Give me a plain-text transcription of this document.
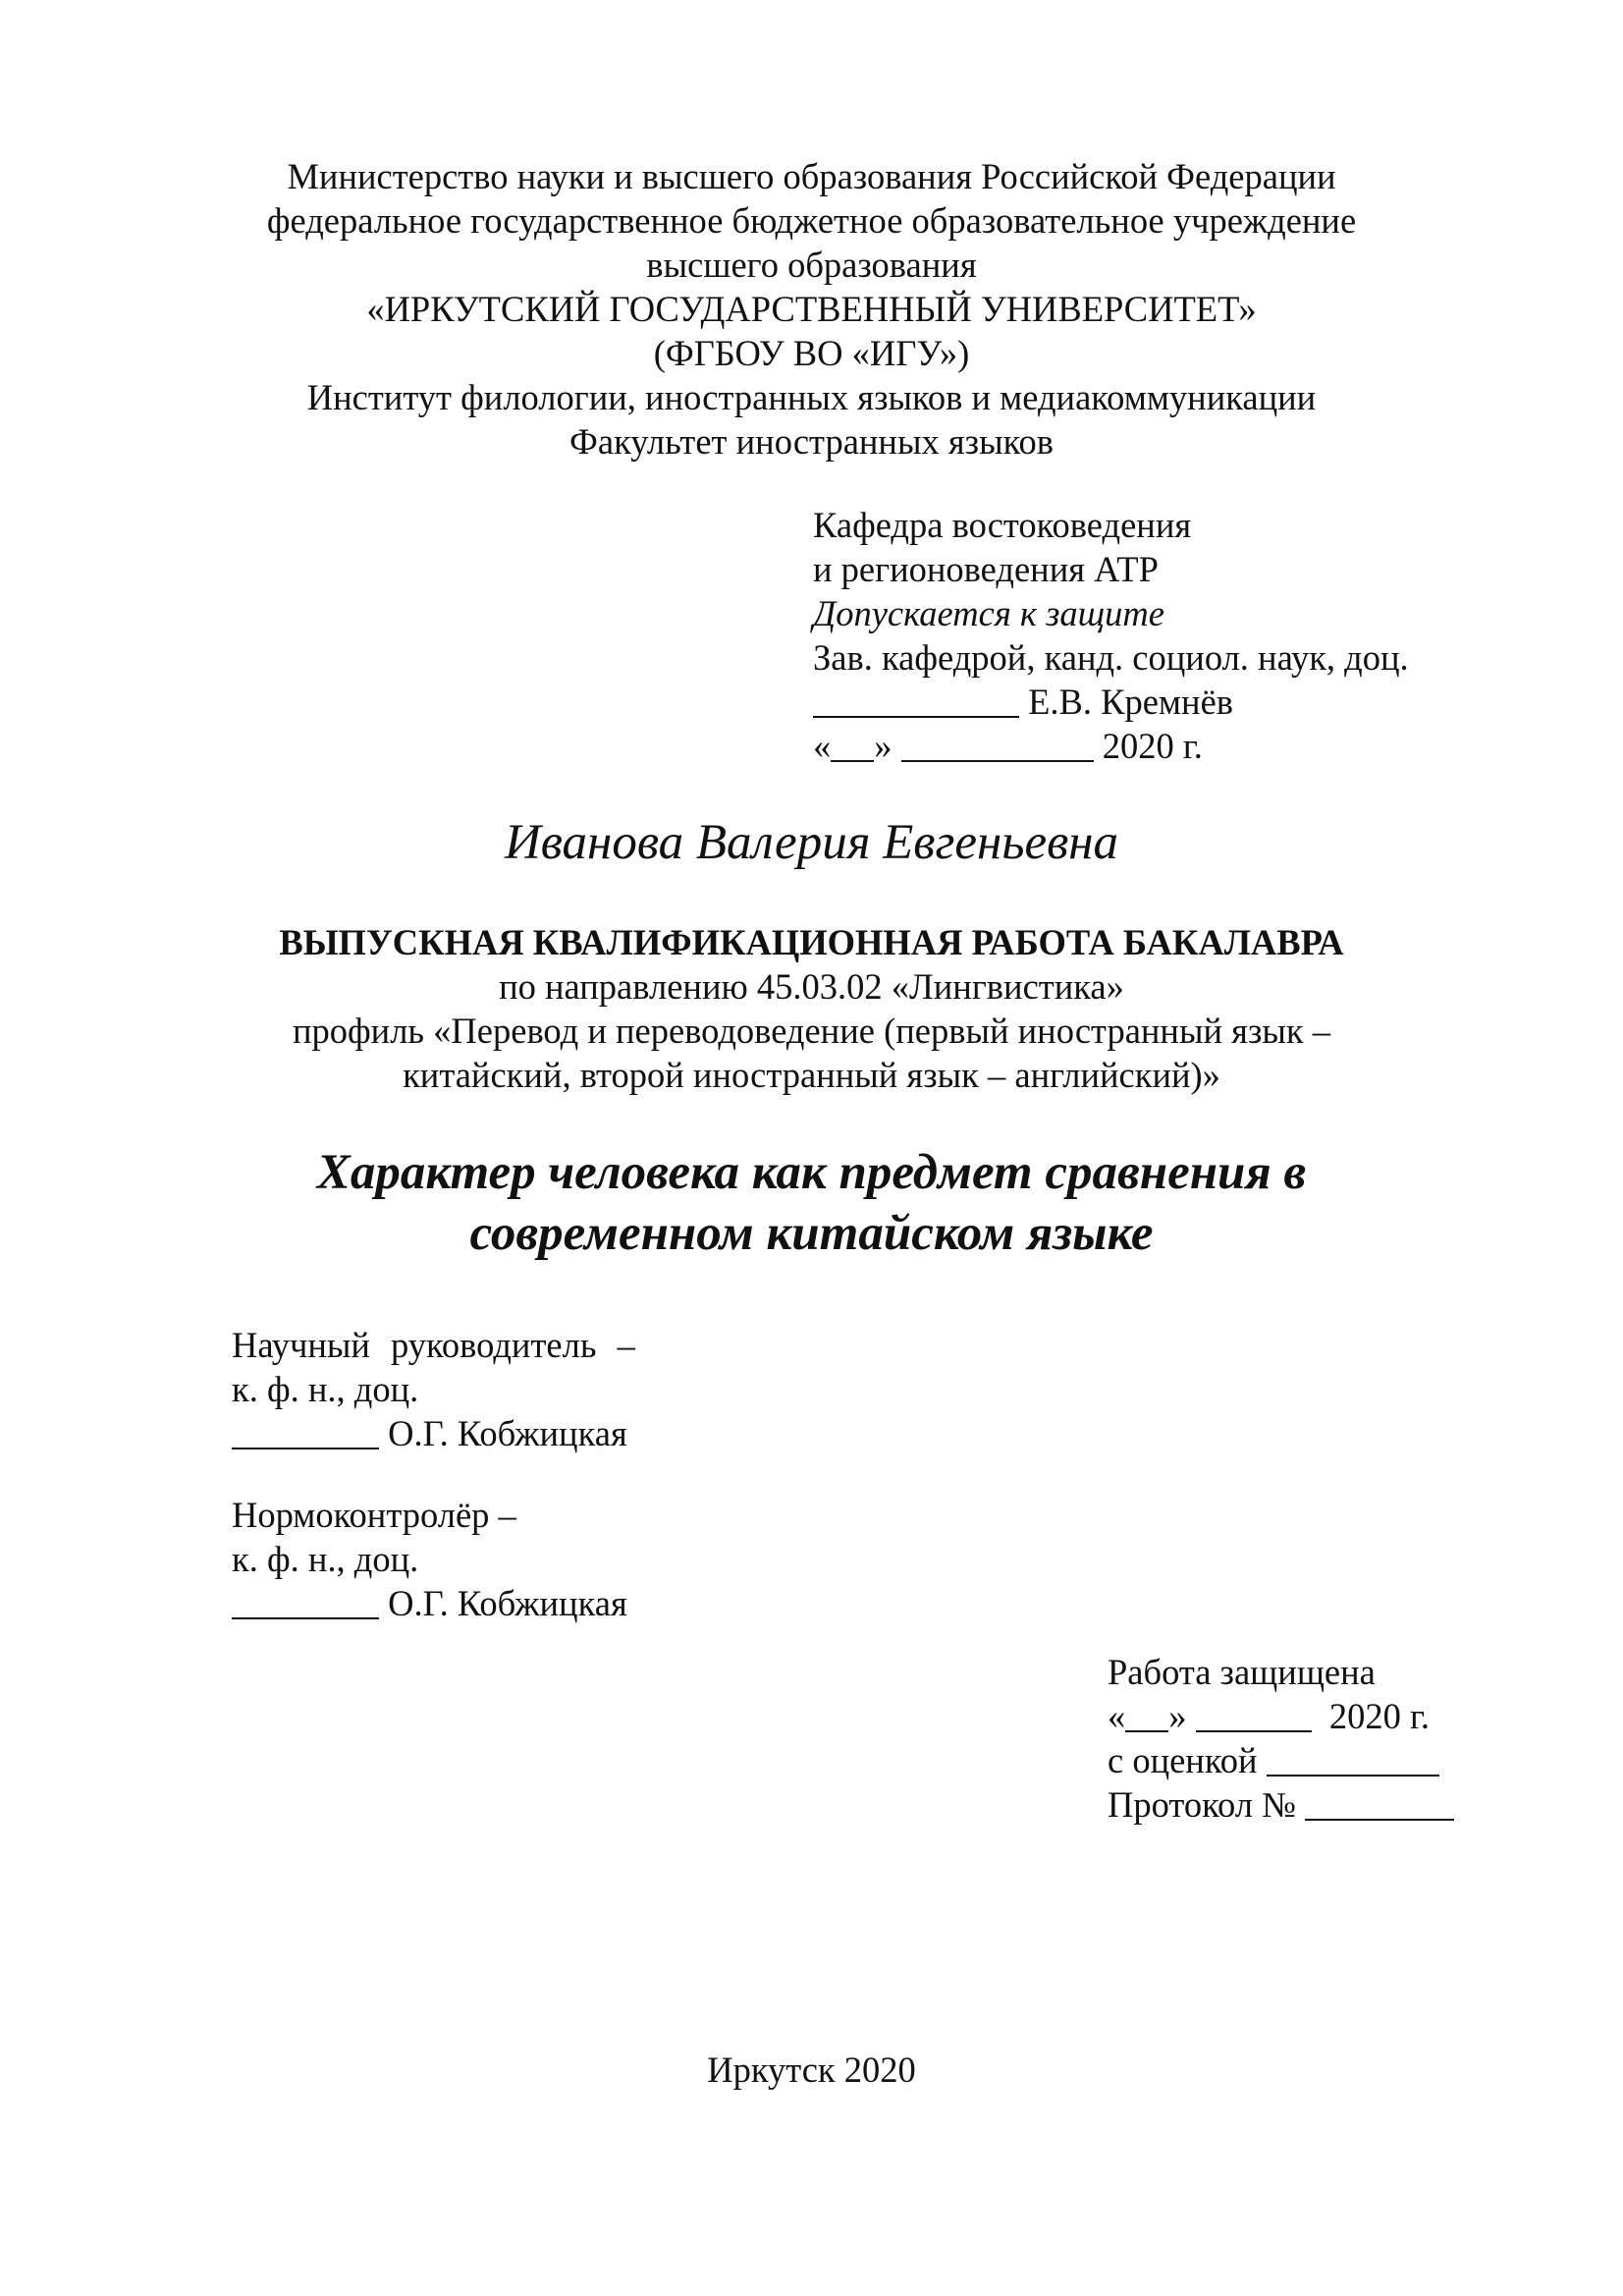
Министерство науки и высшего образования Российской Федерации
федеральное государственное бюджетное образовательное учреждение
высшего образования
«ИРКУТСКИЙ ГОСУДАРСТВЕННЫЙ УНИВЕРСИТЕТ»
(ФГБОУ ВО «ИГУ»)
Институт филологии, иностранных языков и медиакоммуникации
Факультет иностранных языков
Кафедра востоковедения
и регионоведения АТР
Допускается к защите
Зав. кафедрой, канд. социол. наук, доц.
Е.В. Кремнёв
« »	2020 г.
Иванова Валерия Евгеньевна
ВЫПУСКНАЯ КВАЛИФИКАЦИОННАЯ РАБОТА БАКАЛАВРА
по направлению 45.03.02 «Лингвистика»
профиль «Перевод и переводоведение (первый иностранный язык –
китайский, второй иностранный язык – английский)»
Характер человека как предмет сравнения в
современном китайском языке
Научный руководитель –
к. ф. н., доц.
О.Г. Кобжицкая
Нормоконтролёр –
к. ф. н., доц.
О.Г. Кобжицкая
Работа защищена
« »	2020 г.
с оценкой
Протокол №
Иркутск 2020
